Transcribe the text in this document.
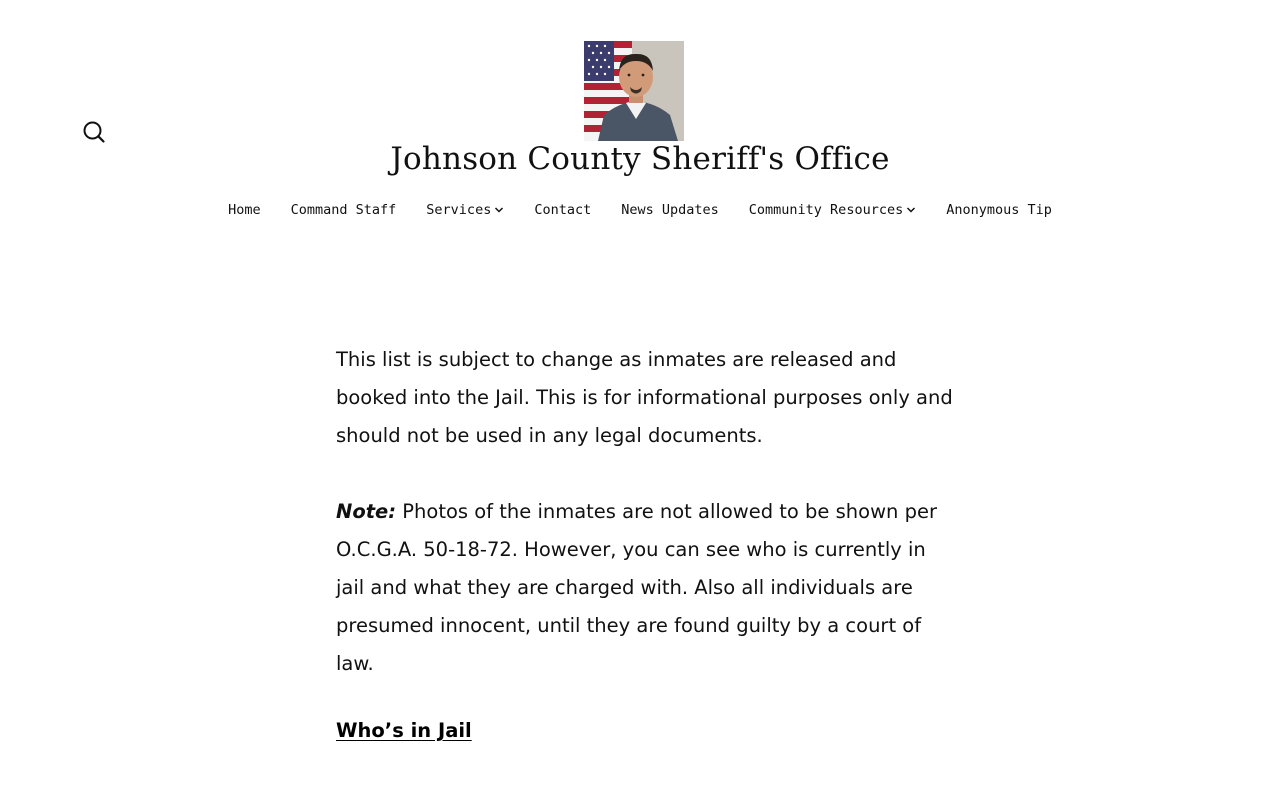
Johnson County Sheriff's Office
Home Command Staff Services	Contact News Updates Community Resources	Anonymous Tip

This list is subject to change as inmates are released and booked into the Jail. This is for informational purposes only and should not be used in any legal documents.

Note: Photos of the inmates are not allowed to be shown per O.C.G.A. 50-18-72. However, you can see who is currently in jail and what they are charged with. Also all individuals are presumed innocent, until they are found guilty by a court of law.

Who’s in Jail
